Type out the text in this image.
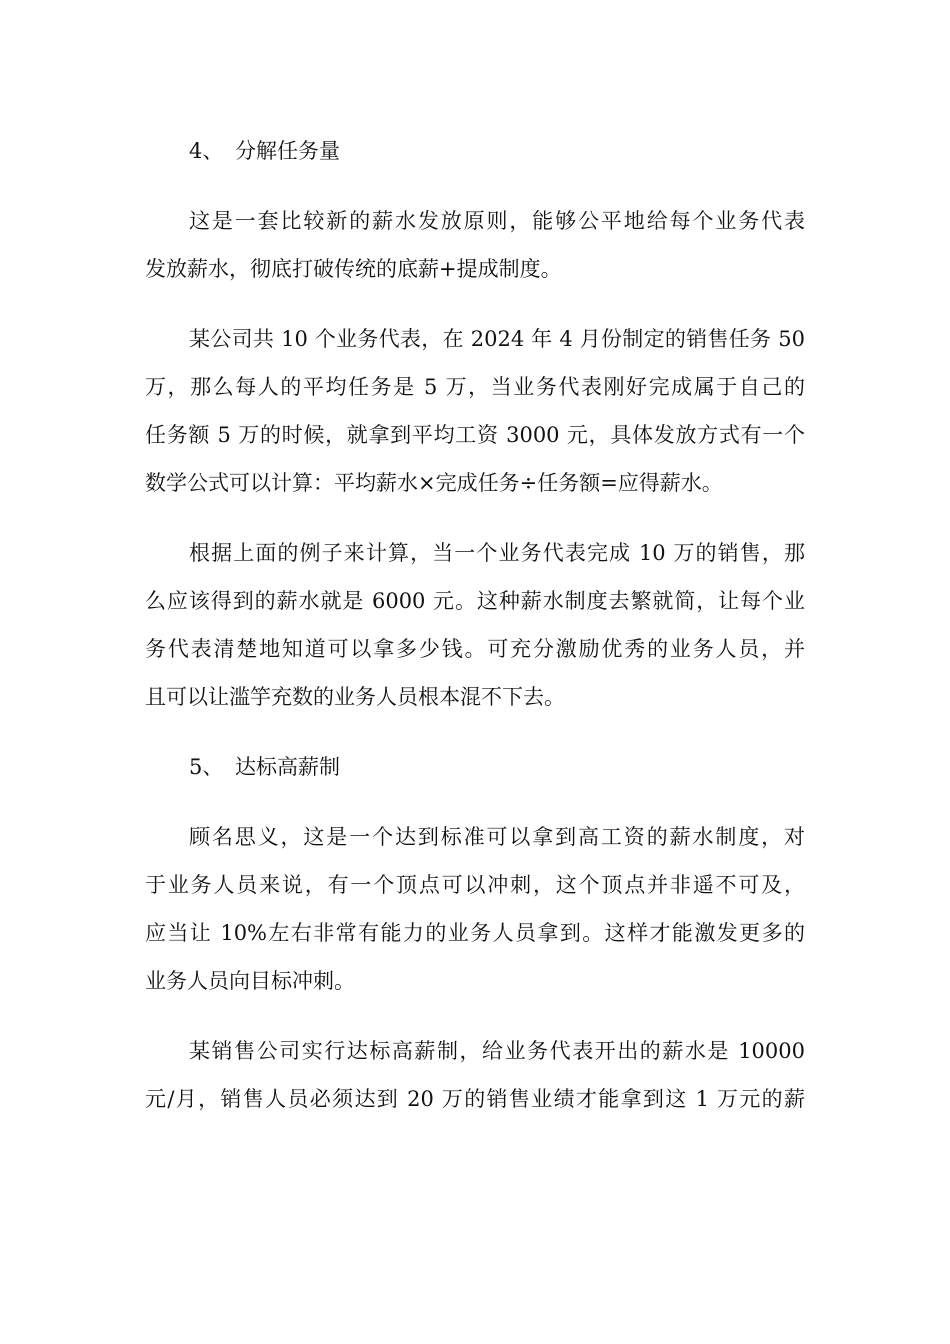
4、 分解任务量
这是一套比较新的薪水发放原则，能够公平地给每个业务代表
发放薪水，彻底打破传统的底薪+提成制度。
某公司共 10 个业务代表，在 2024 年 4 月份制定的销售任务 50
万，那么每人的平均任务是 5 万，当业务代表刚好完成属于自己的
任务额 5 万的时候，就拿到平均工资 3000 元，具体发放方式有一个
数学公式可以计算：平均薪水×完成任务÷任务额=应得薪水。
根据上面的例子来计算，当一个业务代表完成 10 万的销售，那
么应该得到的薪水就是 6000 元。这种薪水制度去繁就简，让每个业
务代表清楚地知道可以拿多少钱。可充分激励优秀的业务人员，并
且可以让滥竽充数的业务人员根本混不下去。
5、 达标高薪制
顾名思义，这是一个达到标准可以拿到高工资的薪水制度，对
于业务人员来说，有一个顶点可以冲刺，这个顶点并非遥不可及，
应当让 10%左右非常有能力的业务人员拿到。这样才能激发更多的
业务人员向目标冲刺。
某销售公司实行达标高薪制，给业务代表开出的薪水是 10000
元/月，销售人员必须达到 20 万的销售业绩才能拿到这 1 万元的薪
